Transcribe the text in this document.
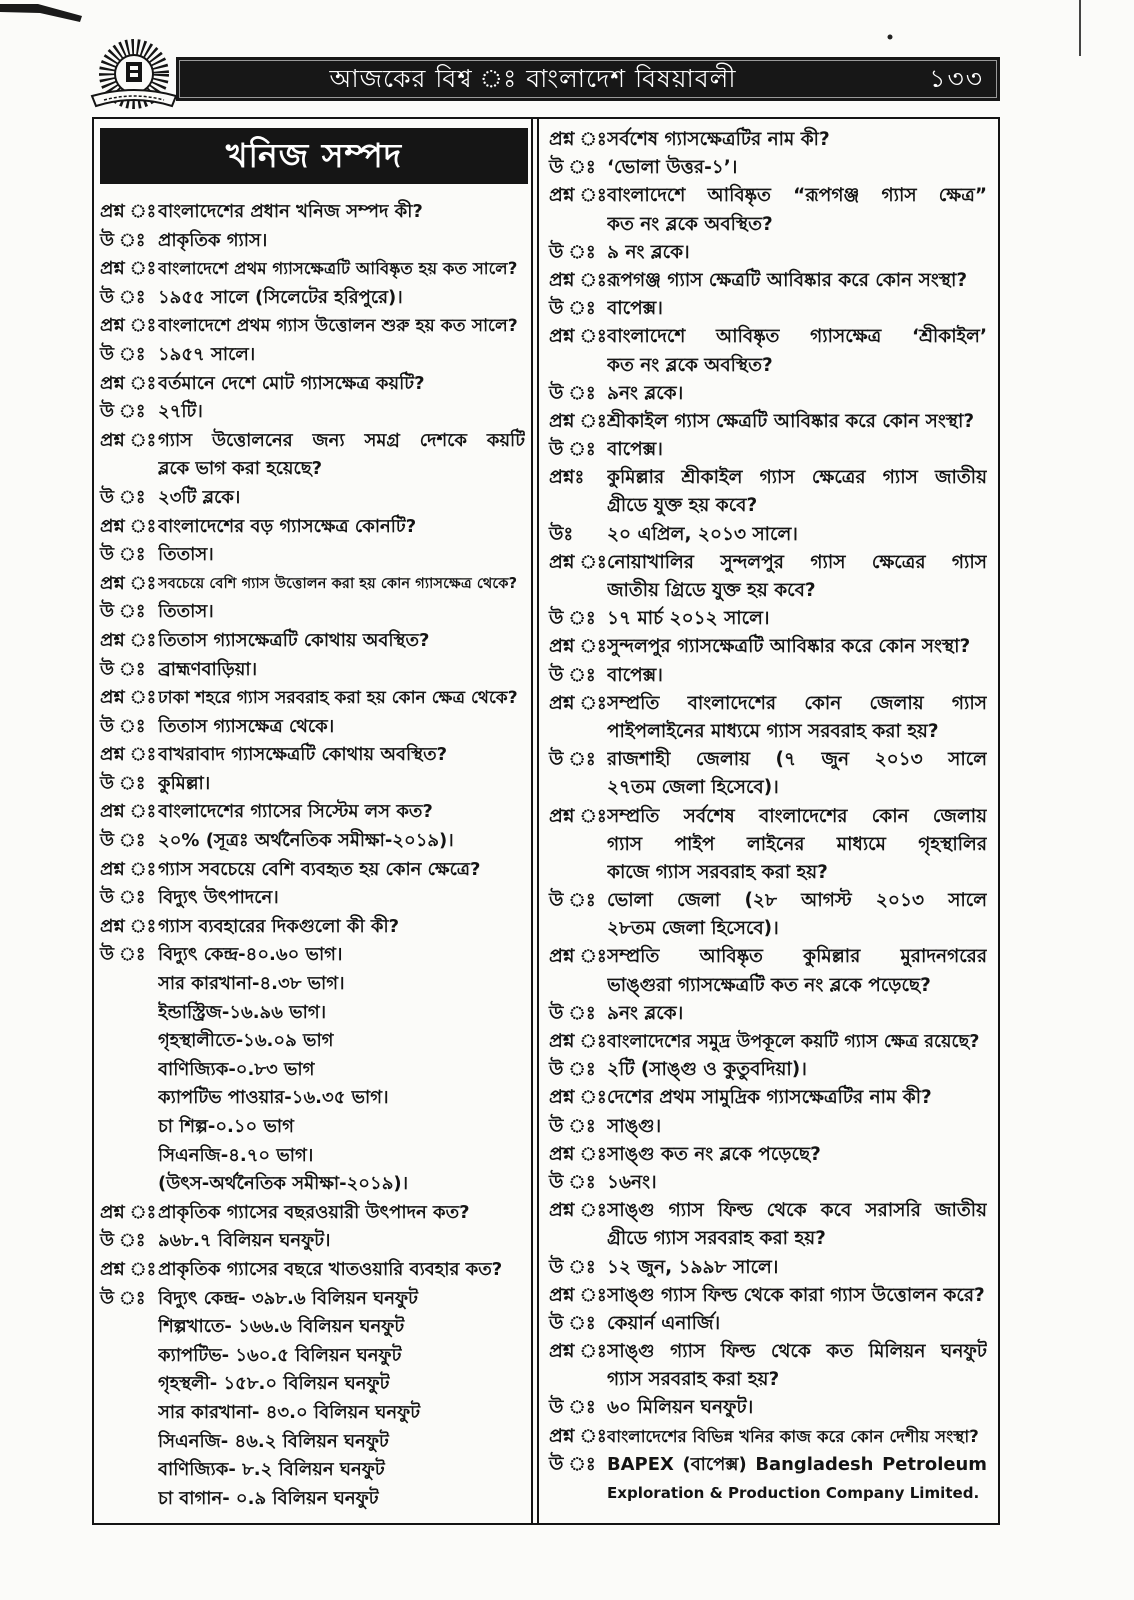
আজকের বিশ্ব ঃ বাংলাদেশ বিষয়াবলী	১৩৩
খনিজ সম্পদ
প্রশ্ন ঃ বাংলাদেশের প্রধান খনিজ সম্পদ কী?
উ ঃ প্রাকৃতিক গ্যাস।
প্রশ্ন ঃ বাংলাদেশে প্রথম গ্যাসক্ষেত্রটি আবিষ্কৃত হয় কত সালে?
উ ঃ ১৯৫৫ সালে (সিলেটের হরিপুরে)।
প্রশ্ন ঃ বাংলাদেশে প্রথম গ্যাস উত্তোলন শুরু হয় কত সালে?
উ ঃ ১৯৫৭ সালে।
প্রশ্ন ঃ বর্তমানে দেশে মোট গ্যাসক্ষেত্র কয়টি?
উ ঃ ২৭টি।
প্রশ্ন ঃ গ্যাস উত্তোলনের জন্য সমগ্র দেশকে কয়টি
ব্লকে ভাগ করা হয়েছে?
উ ঃ ২৩টি ব্লকে।
প্রশ্ন ঃ বাংলাদেশের বড় গ্যাসক্ষেত্র কোনটি?
উ ঃ তিতাস।
প্রশ্ন ঃ সবচেয়ে বেশি গ্যাস উত্তোলন করা হয় কোন গ্যাসক্ষেত্র থেকে?
উ ঃ তিতাস।
প্রশ্ন ঃ তিতাস গ্যাসক্ষেত্রটি কোথায় অবস্থিত?
উ ঃ ব্রাহ্মণবাড়িয়া।
প্রশ্ন ঃ ঢাকা শহরে গ্যাস সরবরাহ করা হয় কোন ক্ষেত্র থেকে?
উ ঃ তিতাস গ্যাসক্ষেত্র থেকে।
প্রশ্ন ঃ বাখরাবাদ গ্যাসক্ষেত্রটি কোথায় অবস্থিত?
উ ঃ কুমিল্লা।
প্রশ্ন ঃ বাংলাদেশের গ্যাসের সিস্টেম লস কত?
উ ঃ ২০% (সূত্রঃ অর্থনৈতিক সমীক্ষা-২০১৯)।
প্রশ্ন ঃ গ্যাস সবচেয়ে বেশি ব্যবহৃত হয় কোন ক্ষেত্রে?
উ ঃ বিদ্যুৎ উৎপাদনে।
প্রশ্ন ঃ গ্যাস ব্যবহারের দিকগুলো কী কী?
উ ঃ বিদ্যুৎ কেন্দ্র-৪০.৬০ ভাগ।
সার কারখানা-৪.৩৮ ভাগ।
ইন্ডাস্ট্রিজ-১৬.৯৬ ভাগ।
গৃহস্থালীতে-১৬.০৯ ভাগ
বাণিজ্যিক-০.৮৩ ভাগ
ক্যাপটিভ পাওয়ার-১৬.৩৫ ভাগ।
চা শিল্প-০.১০ ভাগ
সিএনজি-৪.৭০ ভাগ।
(উৎস-অর্থনৈতিক সমীক্ষা-২০১৯)।
প্রশ্ন ঃ প্রাকৃতিক গ্যাসের বছরওয়ারী উৎপাদন কত?
উ ঃ ৯৬৮.৭ বিলিয়ন ঘনফুট।
প্রশ্ন ঃ প্রাকৃতিক গ্যাসের বছরে খাতওয়ারি ব্যবহার কত?
উ ঃ বিদ্যুৎ কেন্দ্র- ৩৯৮.৬ বিলিয়ন ঘনফুট
শিল্পখাতে- ১৬৬.৬ বিলিয়ন ঘনফুট
ক্যাপটিভ- ১৬০.৫ বিলিয়ন ঘনফুট
গৃহস্থলী- ১৫৮.০ বিলিয়ন ঘনফুট
সার কারখানা- ৪৩.০ বিলিয়ন ঘনফুট
সিএনজি- ৪৬.২ বিলিয়ন ঘনফুট
বাণিজ্যিক- ৮.২ বিলিয়ন ঘনফুট
চা বাগান- ০.৯ বিলিয়ন ঘনফুট
প্রশ্ন ঃ সর্বশেষ গ্যাসক্ষেত্রটির নাম কী?
উ ঃ ‘ভোলা উত্তর-১’।
প্রশ্ন ঃ বাংলাদেশে আবিষ্কৃত “রূপগঞ্জ গ্যাস ক্ষেত্র”
কত নং ব্লকে অবস্থিত?
উ ঃ ৯ নং ব্লকে।
প্রশ্ন ঃ রূপগঞ্জ গ্যাস ক্ষেত্রটি আবিষ্কার করে কোন সংস্থা?
উ ঃ বাপেক্স।
প্রশ্ন ঃ বাংলাদেশে আবিষ্কৃত গ্যাসক্ষেত্র ‘শ্রীকাইল’
কত নং ব্লকে অবস্থিত?
উ ঃ ৯নং ব্লকে।
প্রশ্ন ঃ শ্রীকাইল গ্যাস ক্ষেত্রটি আবিষ্কার করে কোন সংস্থা?
উ ঃ বাপেক্স।
প্রশ্নঃ	কুমিল্লার শ্রীকাইল গ্যাস ক্ষেত্রের গ্যাস জাতীয়
গ্রীডে যুক্ত হয় কবে?
উঃ	২০ এপ্রিল, ২০১৩ সালে।
প্রশ্ন ঃ নোয়াখালির সুন্দলপুর গ্যাস ক্ষেত্রের গ্যাস
জাতীয় গ্রিডে যুক্ত হয় কবে?
উ ঃ ১৭ মার্চ ২০১২ সালে।
প্রশ্ন ঃ সুন্দলপুর গ্যাসক্ষেত্রটি আবিষ্কার করে কোন সংস্থা?
উ ঃ বাপেক্স।
প্রশ্ন ঃ সম্প্রতি বাংলাদেশের কোন জেলায় গ্যাস
পাইপলাইনের মাধ্যমে গ্যাস সরবরাহ করা হয়?
উ ঃ রাজশাহী জেলায় (৭ জুন ২০১৩ সালে
২৭তম জেলা হিসেবে)।
প্রশ্ন ঃ সম্প্রতি সর্বশেষ বাংলাদেশের কোন জেলায়
গ্যাস পাইপ লাইনের মাধ্যমে গৃহস্থালির
কাজে গ্যাস সরবরাহ করা হয়?
উ ঃ ভোলা জেলা (২৮ আগস্ট ২০১৩ সালে
২৮তম জেলা হিসেবে)।
প্রশ্ন ঃ সম্প্রতি আবিষ্কৃত কুমিল্লার মুরাদনগরের
ভাঙ্গুরা গ্যাসক্ষেত্রটি কত নং ব্লকে পড়েছে?
উ ঃ ৯নং ব্লকে।
প্রশ্ন ঃ বাংলাদেশের সমুদ্র উপকূলে কয়টি গ্যাস ক্ষেত্র রয়েছে?
উ ঃ ২টি (সাঙ্গু ও কুতুবদিয়া)।
প্রশ্ন ঃ দেশের প্রথম সামুদ্রিক গ্যাসক্ষেত্রটির নাম কী?
উ ঃ সাঙ্গু।
প্রশ্ন ঃ সাঙ্গু কত নং ব্লকে পড়েছে?
উ ঃ ১৬নং।
প্রশ্ন ঃ সাঙ্গু গ্যাস ফিল্ড থেকে কবে সরাসরি জাতীয়
গ্রীডে গ্যাস সরবরাহ করা হয়?
উ ঃ ১২ জুন, ১৯৯৮ সালে।
প্রশ্ন ঃ সাঙ্গু গ্যাস ফিল্ড থেকে কারা গ্যাস উত্তোলন করে?
উ ঃ কেয়ার্ন এনার্জি।
প্রশ্ন ঃ সাঙ্গু গ্যাস ফিল্ড থেকে কত মিলিয়ন ঘনফুট
গ্যাস সরবরাহ করা হয়?
উ ঃ ৬০ মিলিয়ন ঘনফুট।
প্রশ্ন ঃ বাংলাদেশের বিভিন্ন খনির কাজ করে কোন দেশীয় সংস্থা?
উ ঃ BAPEX (বাপেক্স) Bangladesh Petroleum
Exploration & Production Company Limited.
